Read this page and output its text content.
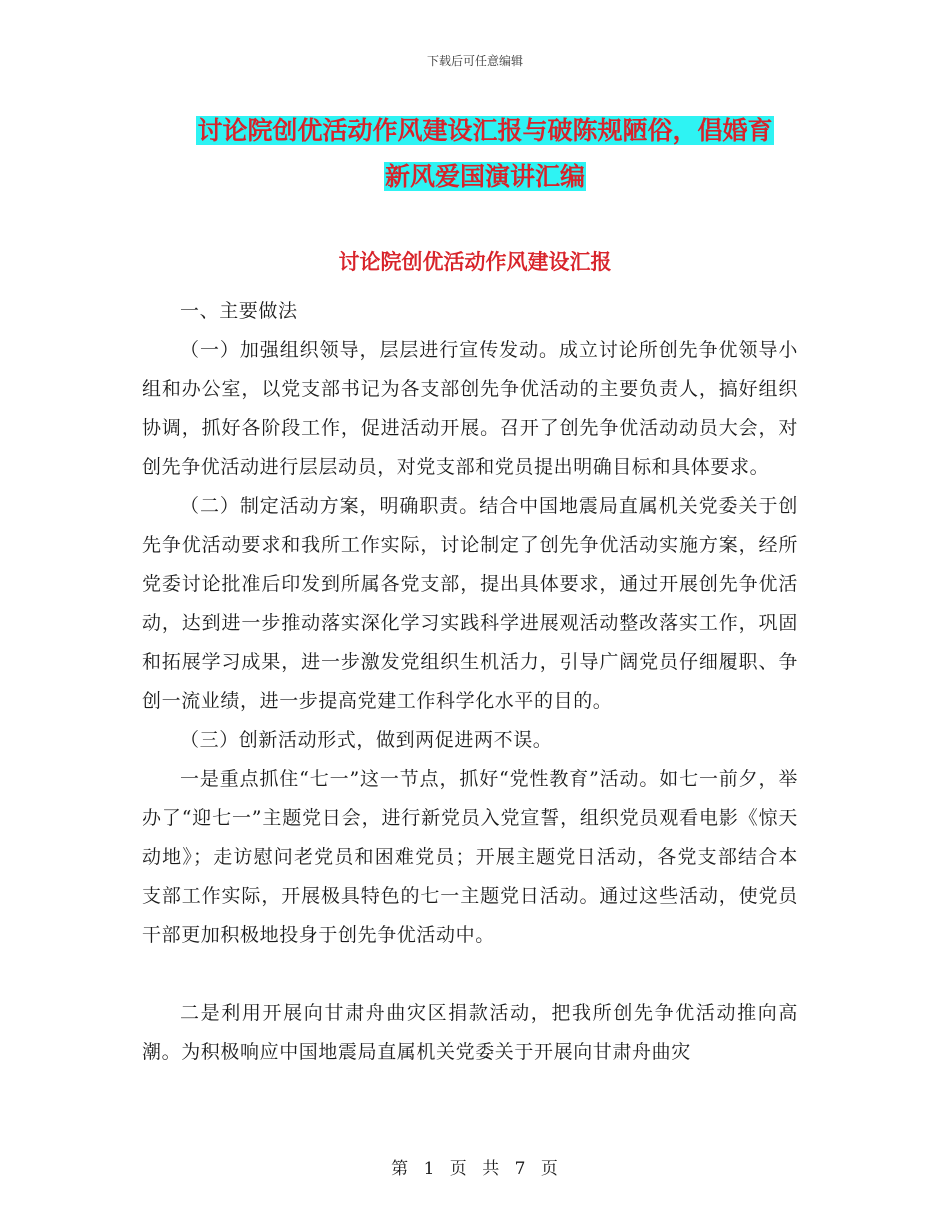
下载后可任意编辑
讨论院创优活动作风建设汇报与破陈规陋俗，倡婚育
新风爱国演讲汇编
讨论院创优活动作风建设汇报

一、主要做法

（一）加强组织领导，层层进行宣传发动。成立讨论所创先争优领导小组和办公室，以党支部书记为各支部创先争优活动的主要负责人，搞好组织协调，抓好各阶段工作，促进活动开展。召开了创先争优活动动员大会，对创先争优活动进行层层动员，对党支部和党员提出明确目标和具体要求。

（二）制定活动方案，明确职责。结合中国地震局直属机关党委关于创先争优活动要求和我所工作实际，讨论制定了创先争优活动实施方案，经所党委讨论批准后印发到所属各党支部，提出具体要求，通过开展创先争优活动，达到进一步推动落实深化学习实践科学进展观活动整改落实工作，巩固和拓展学习成果，进一步激发党组织生机活力，引导广阔党员仔细履职、争创一流业绩，进一步提高党建工作科学化水平的目的。

（三）创新活动形式，做到两促进两不误。

一是重点抓住“七一”这一节点，抓好“党性教育”活动。如七一前夕，举办了“迎七一”主题党日会，进行新党员入党宣誓，组织党员观看电影《惊天动地》；走访慰问老党员和困难党员；开展主题党日活动，各党支部结合本支部工作实际，开展极具特色的七一主题党日活动。通过这些活动，使党员干部更加积极地投身于创先争优活动中。

二是利用开展向甘肃舟曲灾区捐款活动，把我所创先争优活动推向高潮。为积极响应中国地震局直属机关党委关于开展向甘肃舟曲灾

第 1 页 共 7 页
